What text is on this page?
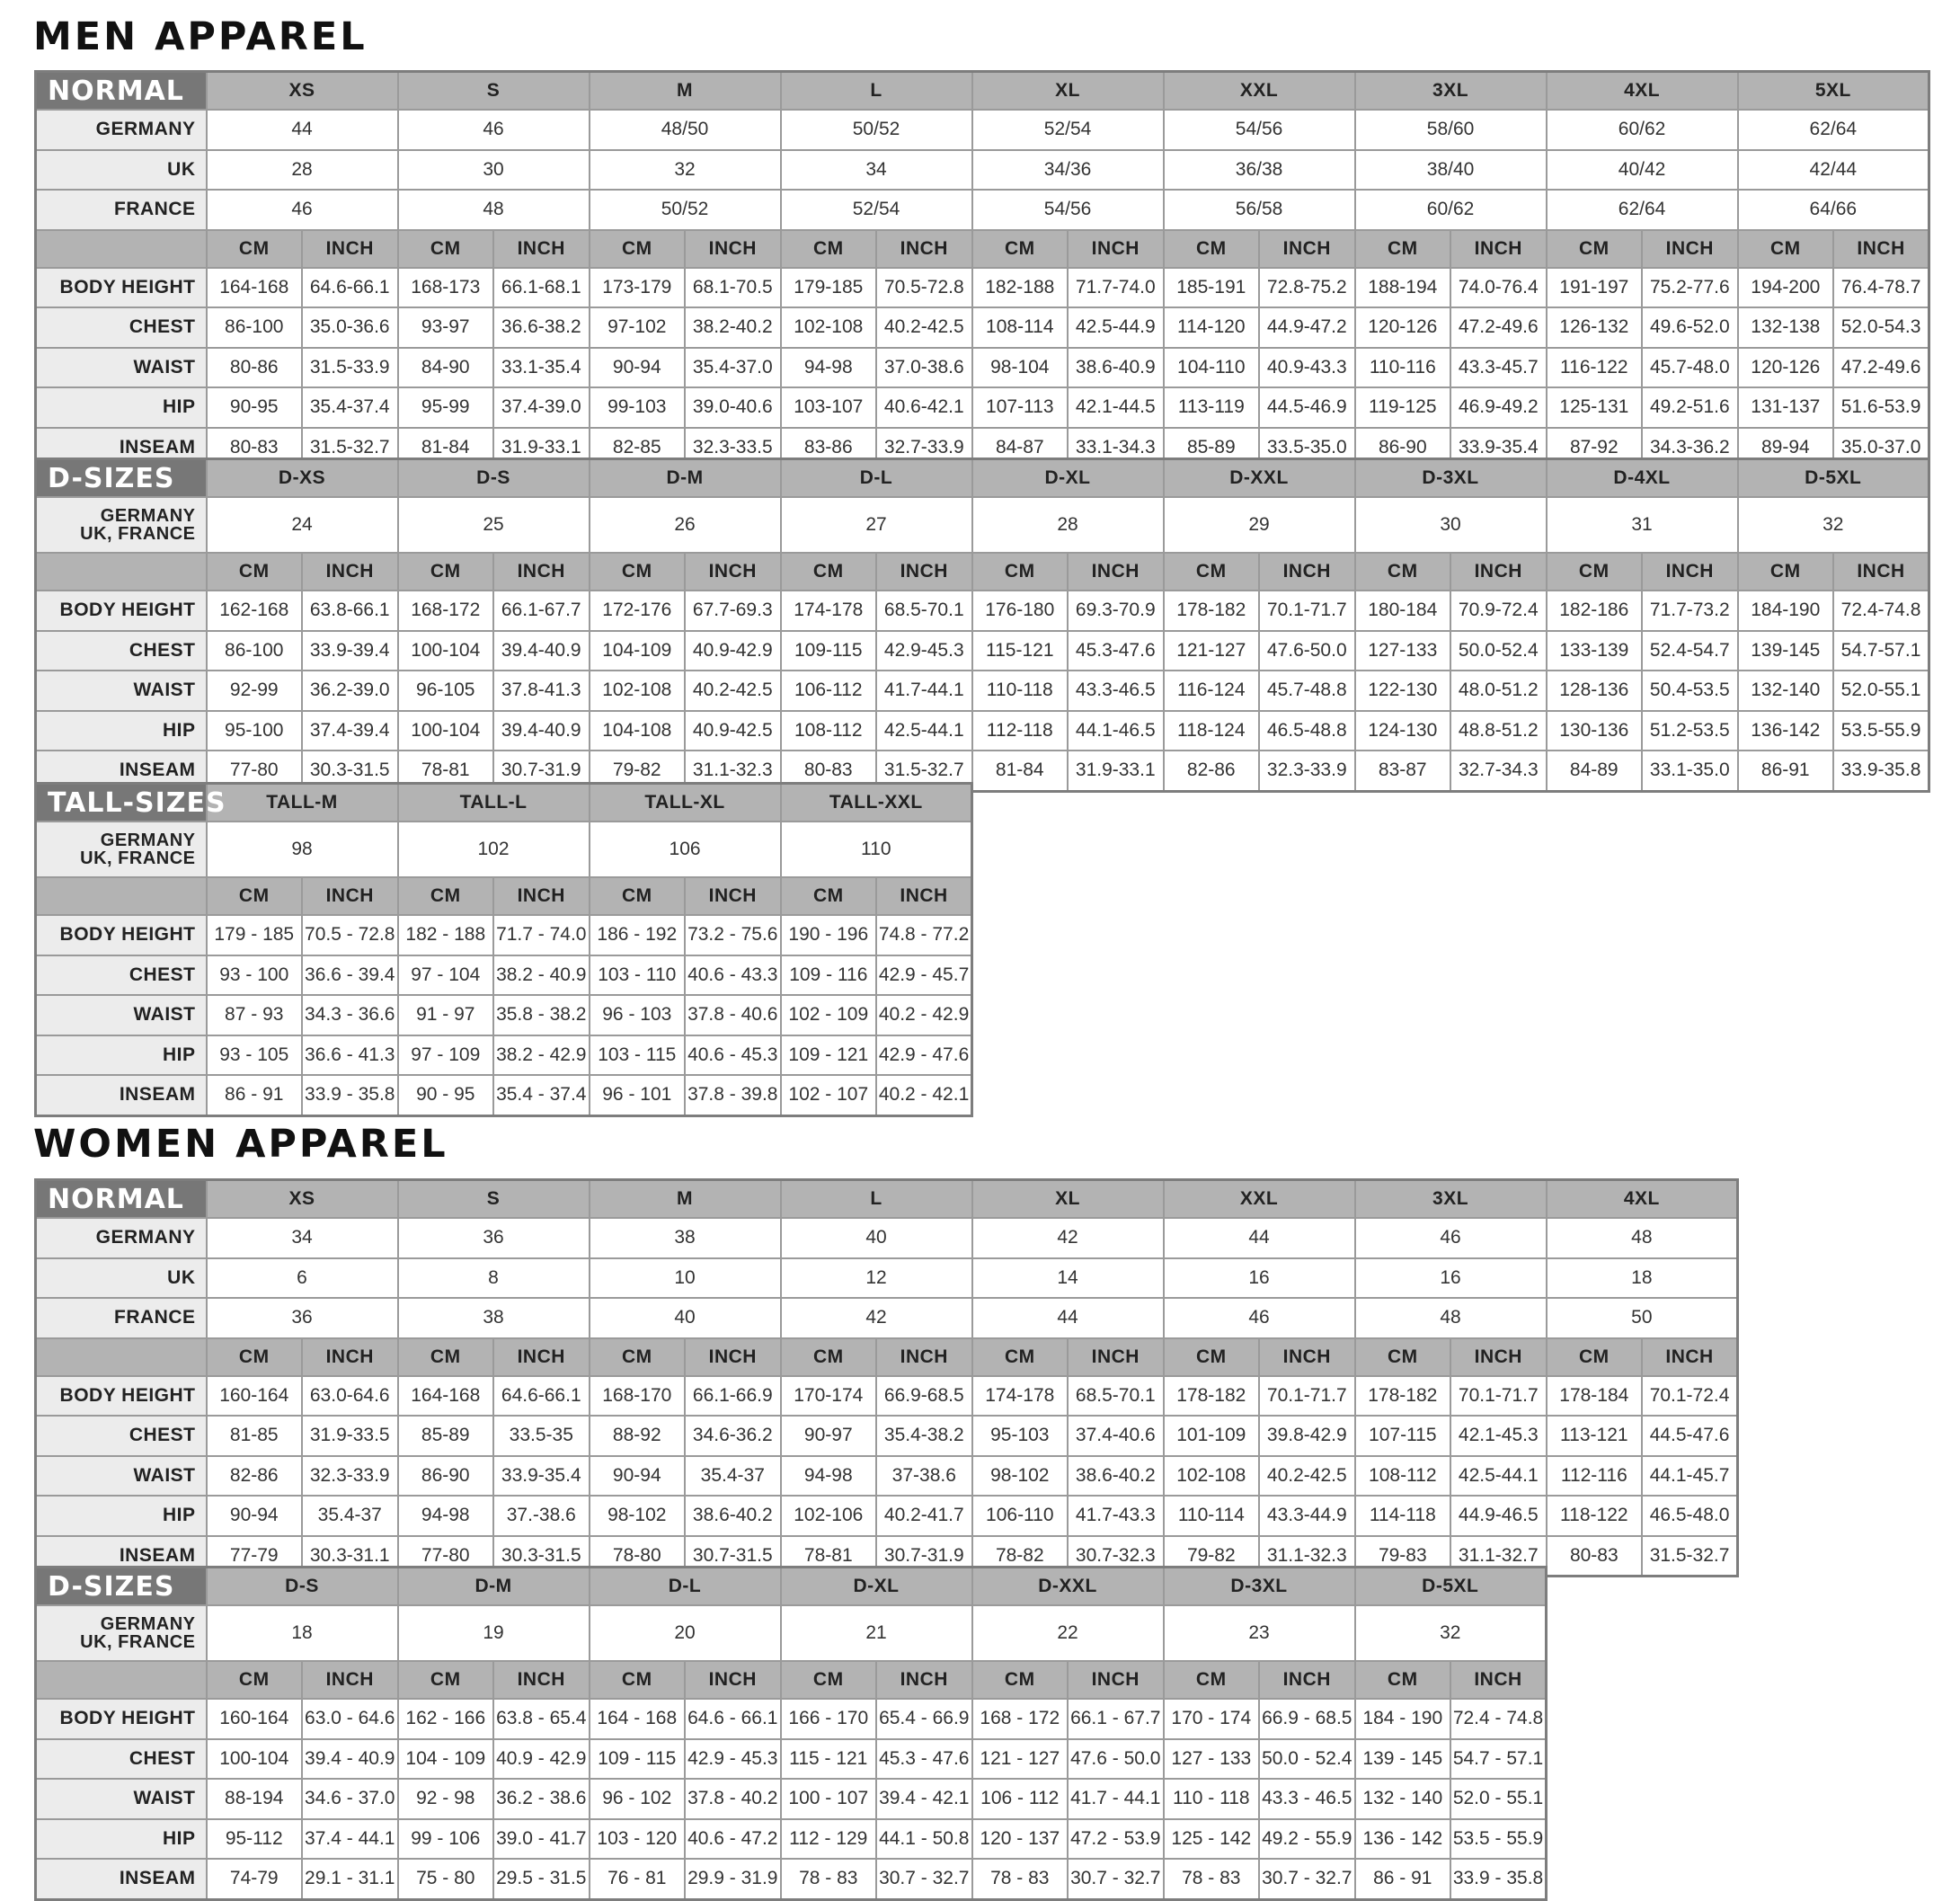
MEN APPAREL
NORMAL	XS		S		M		L		XL		XXL		3XL		4XL		5XL	
GERMANY	44		46		48/50		50/52		52/54		54/56		58/60		60/62		62/64	
UK	28		30		32		34		34/36		36/38		38/40		40/42		42/44	
FRANCE	46		48		50/52		52/54		54/56		56/58		60/62		62/64		64/66	
	CM	INCH	CM	INCH	CM	INCH	CM	INCH	CM	INCH	CM	INCH	CM	INCH	CM	INCH	CM	INCH
BODY HEIGHT	164-168	64.6-66.1	168-173	66.1-68.1	173-179	68.1-70.5	179-185	70.5-72.8	182-188	71.7-74.0	185-191	72.8-75.2	188-194	74.0-76.4	191-197	75.2-77.6	194-200	76.4-78.7
CHEST	86-100	35.0-36.6	93-97	36.6-38.2	97-102	38.2-40.2	102-108	40.2-42.5	108-114	42.5-44.9	114-120	44.9-47.2	120-126	47.2-49.6	126-132	49.6-52.0	132-138	52.0-54.3
WAIST	80-86	31.5-33.9	84-90	33.1-35.4	90-94	35.4-37.0	94-98	37.0-38.6	98-104	38.6-40.9	104-110	40.9-43.3	110-116	43.3-45.7	116-122	45.7-48.0	120-126	47.2-49.6
HIP	90-95	35.4-37.4	95-99	37.4-39.0	99-103	39.0-40.6	103-107	40.6-42.1	107-113	42.1-44.5	113-119	44.5-46.9	119-125	46.9-49.2	125-131	49.2-51.6	131-137	51.6-53.9
INSEAM	80-83	31.5-32.7	81-84	31.9-33.1	82-85	32.3-33.5	83-86	32.7-33.9	84-87	33.1-34.3	85-89	33.5-35.0	86-90	33.9-35.4	87-92	34.3-36.2	89-94	35.0-37.0
D-SIZES	D-XS		D-S		D-M		D-L		D-XL		D-XXL		D-3XL		D-4XL		D-5XL	
GERMANY
UK, FRANCE	24		25		26		27		28		29		30		31		32	
	CM	INCH	CM	INCH	CM	INCH	CM	INCH	CM	INCH	CM	INCH	CM	INCH	CM	INCH	CM	INCH
BODY HEIGHT	162-168	63.8-66.1	168-172	66.1-67.7	172-176	67.7-69.3	174-178	68.5-70.1	176-180	69.3-70.9	178-182	70.1-71.7	180-184	70.9-72.4	182-186	71.7-73.2	184-190	72.4-74.8
CHEST	86-100	33.9-39.4	100-104	39.4-40.9	104-109	40.9-42.9	109-115	42.9-45.3	115-121	45.3-47.6	121-127	47.6-50.0	127-133	50.0-52.4	133-139	52.4-54.7	139-145	54.7-57.1
WAIST	92-99	36.2-39.0	96-105	37.8-41.3	102-108	40.2-42.5	106-112	41.7-44.1	110-118	43.3-46.5	116-124	45.7-48.8	122-130	48.0-51.2	128-136	50.4-53.5	132-140	52.0-55.1
HIP	95-100	37.4-39.4	100-104	39.4-40.9	104-108	40.9-42.5	108-112	42.5-44.1	112-118	44.1-46.5	118-124	46.5-48.8	124-130	48.8-51.2	130-136	51.2-53.5	136-142	53.5-55.9
INSEAM	77-80	30.3-31.5	78-81	30.7-31.9	79-82	31.1-32.3	80-83	31.5-32.7	81-84	31.9-33.1	82-86	32.3-33.9	83-87	32.7-34.3	84-89	33.1-35.0	86-91	33.9-35.8
TALL-SIZES	TALL-M		TALL-L		TALL-XL		TALL-XXL	
GERMANY
UK, FRANCE	98		102		106		110	
	CM	INCH	CM	INCH	CM	INCH	CM	INCH
BODY HEIGHT	179 - 185	70.5 - 72.8	182 - 188	71.7 - 74.0	186 - 192	73.2 - 75.6	190 - 196	74.8 - 77.2
CHEST	93 - 100	36.6 - 39.4	97 - 104	38.2 - 40.9	103 - 110	40.6 - 43.3	109 - 116	42.9 - 45.7
WAIST	87 - 93	34.3 - 36.6	91 - 97	35.8 - 38.2	96 - 103	37.8 - 40.6	102 - 109	40.2 - 42.9
HIP	93 - 105	36.6 - 41.3	97 - 109	38.2 - 42.9	103 - 115	40.6 - 45.3	109 - 121	42.9 - 47.6
INSEAM	86 - 91	33.9 - 35.8	90 - 95	35.4 - 37.4	96 - 101	37.8 - 39.8	102 - 107	40.2 - 42.1
WOMEN APPAREL
NORMAL	XS		S		M		L		XL		XXL		3XL		4XL	
GERMANY	34		36		38		40		42		44		46		48	
UK	6		8		10		12		14		16		16		18	
FRANCE	36		38		40		42		44		46		48		50	
	CM	INCH	CM	INCH	CM	INCH	CM	INCH	CM	INCH	CM	INCH	CM	INCH	CM	INCH
BODY HEIGHT	160-164	63.0-64.6	164-168	64.6-66.1	168-170	66.1-66.9	170-174	66.9-68.5	174-178	68.5-70.1	178-182	70.1-71.7	178-182	70.1-71.7	178-184	70.1-72.4
CHEST	81-85	31.9-33.5	85-89	33.5-35	88-92	34.6-36.2	90-97	35.4-38.2	95-103	37.4-40.6	101-109	39.8-42.9	107-115	42.1-45.3	113-121	44.5-47.6
WAIST	82-86	32.3-33.9	86-90	33.9-35.4	90-94	35.4-37	94-98	37-38.6	98-102	38.6-40.2	102-108	40.2-42.5	108-112	42.5-44.1	112-116	44.1-45.7
HIP	90-94	35.4-37	94-98	37.-38.6	98-102	38.6-40.2	102-106	40.2-41.7	106-110	41.7-43.3	110-114	43.3-44.9	114-118	44.9-46.5	118-122	46.5-48.0
INSEAM	77-79	30.3-31.1	77-80	30.3-31.5	78-80	30.7-31.5	78-81	30.7-31.9	78-82	30.7-32.3	79-82	31.1-32.3	79-83	31.1-32.7	80-83	31.5-32.7
D-SIZES	D-S		D-M		D-L		D-XL		D-XXL		D-3XL		D-5XL	
GERMANY
UK, FRANCE	18		19		20		21		22		23		32	
	CM	INCH	CM	INCH	CM	INCH	CM	INCH	CM	INCH	CM	INCH	CM	INCH
BODY HEIGHT	160-164	63.0 - 64.6	162 - 166	63.8 - 65.4	164 - 168	64.6 - 66.1	166 - 170	65.4 - 66.9	168 - 172	66.1 - 67.7	170 - 174	66.9 - 68.5	184 - 190	72.4 - 74.8
CHEST	100-104	39.4 - 40.9	104 - 109	40.9 - 42.9	109 - 115	42.9 - 45.3	115 - 121	45.3 - 47.6	121 - 127	47.6 - 50.0	127 - 133	50.0 - 52.4	139 - 145	54.7 - 57.1
WAIST	88-194	34.6 - 37.0	92 - 98	36.2 - 38.6	96 - 102	37.8 - 40.2	100 - 107	39.4 - 42.1	106 - 112	41.7 - 44.1	110 - 118	43.3 - 46.5	132 - 140	52.0 - 55.1
HIP	95-112	37.4 - 44.1	99 - 106	39.0 - 41.7	103 - 120	40.6 - 47.2	112 - 129	44.1 - 50.8	120 - 137	47.2 - 53.9	125 - 142	49.2 - 55.9	136 - 142	53.5 - 55.9
INSEAM	74-79	29.1 - 31.1	75 - 80	29.5 - 31.5	76 - 81	29.9 - 31.9	78 - 83	30.7 - 32.7	78 - 83	30.7 - 32.7	78 - 83	30.7 - 32.7	86 - 91	33.9 - 35.8
